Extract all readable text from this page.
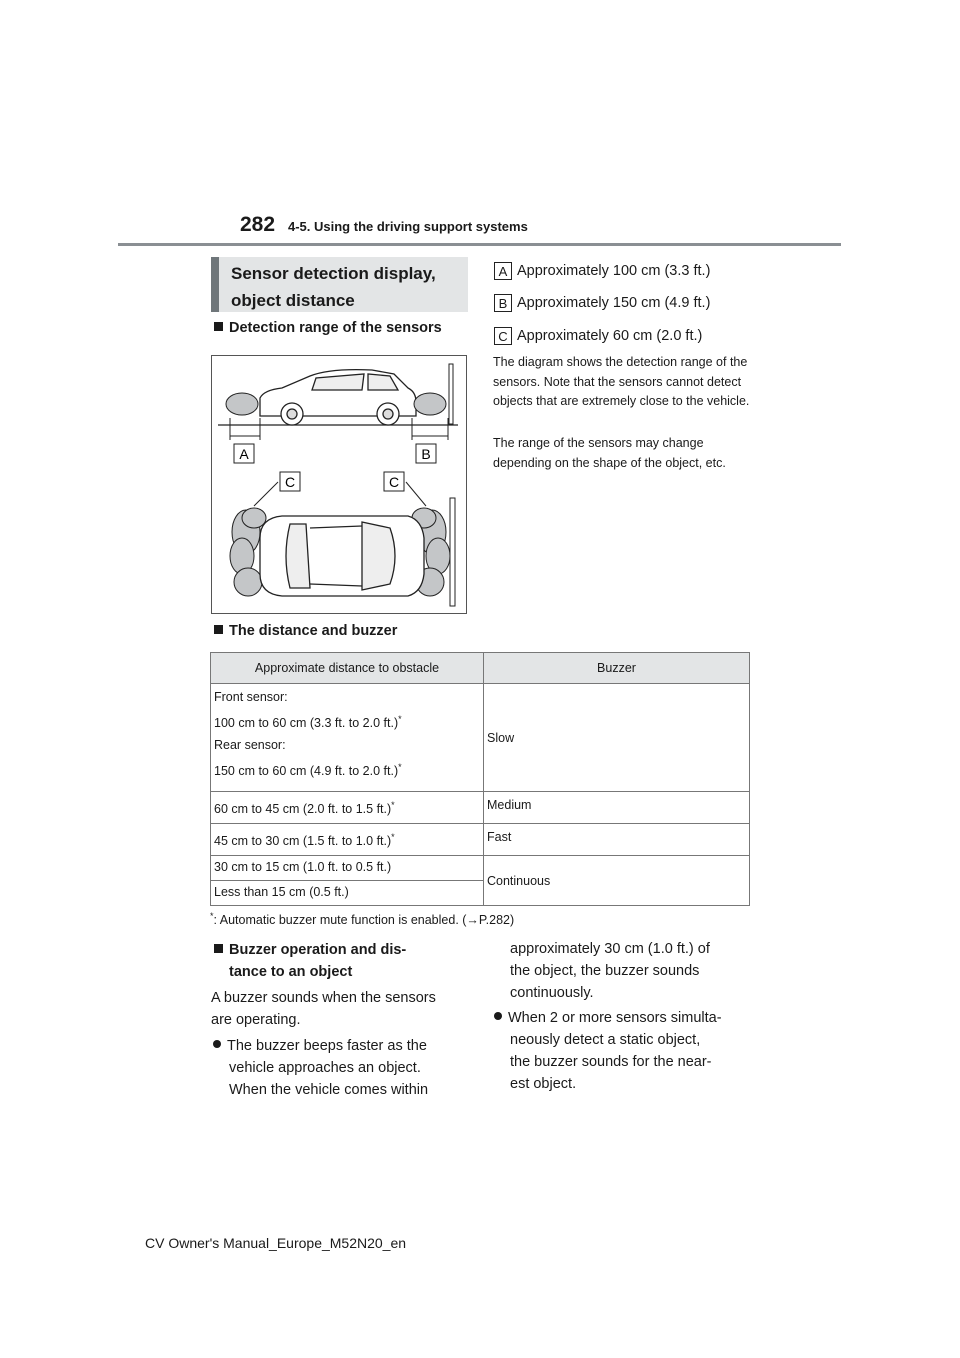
282 4-5. Using the driving support systems
Sensor detection display, object distance
Detection range of the sensors
A	B
C	C
A Approximately 100 cm (3.3 ft.)
B Approximately 150 cm (4.9 ft.)
C Approximately 60 cm (2.0 ft.)
The diagram shows the detection range of the sensors. Note that the sensors cannot detect objects that are extremely close to the vehicle.
The range of the sensors may change depending on the shape of the object, etc.
The distance and buzzer
Approximate distance to obstacle	Buzzer

Front sensor:

100 cm to 60 cm (3.3 ft. to 2.0 ft.)*

Rear sensor:

150 cm to 60 cm (4.9 ft. to 2.0 ft.)*	Slow

60 cm to 45 cm (2.0 ft. to 1.5 ft.)*	Medium

45 cm to 30 cm (1.5 ft. to 1.0 ft.)*	Fast

30 cm to 15 cm (1.0 ft. to 0.5 ft.)	Continuous

Less than 15 cm (0.5 ft.)	

*: Automatic buzzer mute function is enabled. (→P.282)
Buzzer operation and dis-
tance to an object
A buzzer sounds when the sensors
are operating.
The buzzer beeps faster as the
vehicle approaches an object.
When the vehicle comes within
approximately 30 cm (1.0 ft.) of
the object, the buzzer sounds
continuously.
When 2 or more sensors simulta-
neously detect a static object,
the buzzer sounds for the near-
est object.
CV Owner's Manual_Europe_M52N20_en
